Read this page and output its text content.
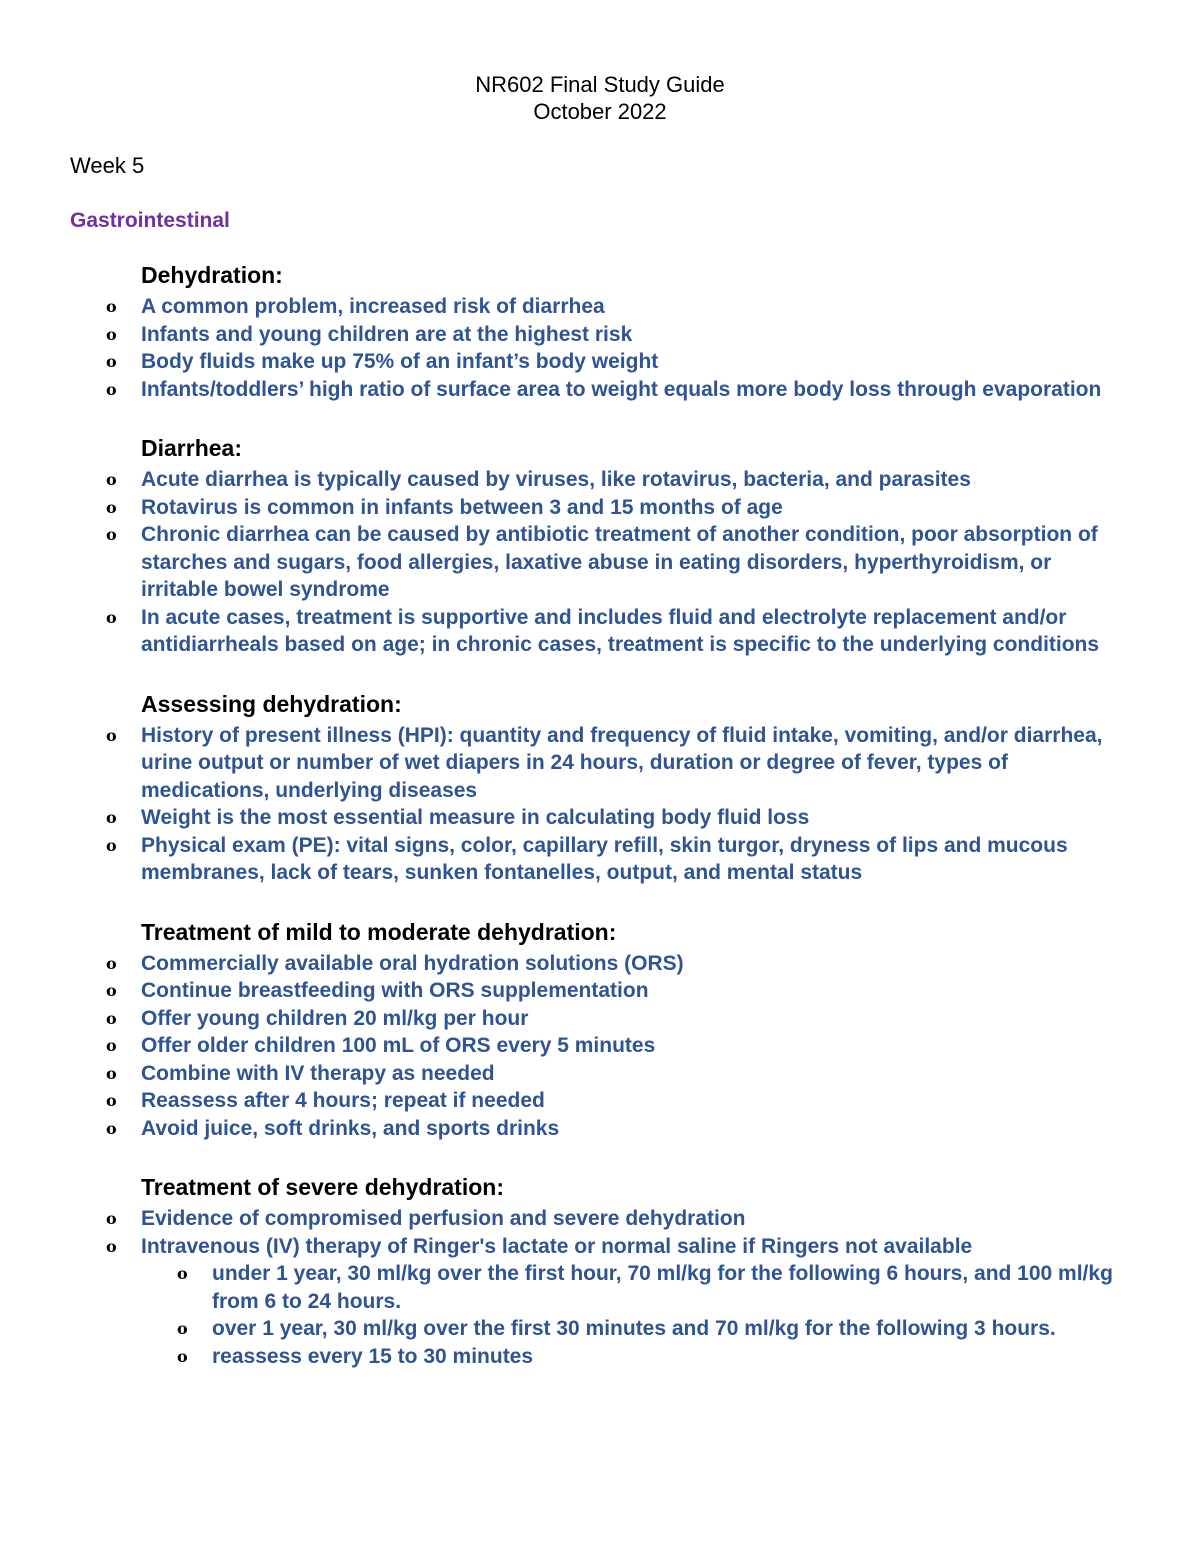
NR602 Final Study Guide
October 2022
Week 5
Gastrointestinal
Dehydration:
o A common problem, increased risk of diarrhea
o Infants and young children are at the highest risk
o Body fluids make up 75% of an infant’s body weight
o Infants/toddlers’ high ratio of surface area to weight equals more body loss through evaporation
Diarrhea:
o Acute diarrhea is typically caused by viruses, like rotavirus, bacteria, and parasites
o Rotavirus is common in infants between 3 and 15 months of age
o Chronic diarrhea can be caused by antibiotic treatment of another condition, poor absorption of starches and sugars, food allergies, laxative abuse in eating disorders, hyperthyroidism, or irritable bowel syndrome
o In acute cases, treatment is supportive and includes fluid and electrolyte replacement and/or antidiarrheals based on age; in chronic cases, treatment is specific to the underlying conditions
Assessing dehydration:
o History of present illness (HPI): quantity and frequency of fluid intake, vomiting, and/or diarrhea, urine output or number of wet diapers in 24 hours, duration or degree of fever, types of medications, underlying diseases
o Weight is the most essential measure in calculating body fluid loss
o Physical exam (PE): vital signs, color, capillary refill, skin turgor, dryness of lips and mucous membranes, lack of tears, sunken fontanelles, output, and mental status
Treatment of mild to moderate dehydration:
o Commercially available oral hydration solutions (ORS)
o Continue breastfeeding with ORS supplementation
o Offer young children 20 ml/kg per hour
o Offer older children 100 mL of ORS every 5 minutes
o Combine with IV therapy as needed
o Reassess after 4 hours; repeat if needed
o Avoid juice, soft drinks, and sports drinks
Treatment of severe dehydration:
o Evidence of compromised perfusion and severe dehydration
o Intravenous (IV) therapy of Ringer's lactate or normal saline if Ringers not available
o under 1 year, 30 ml/kg over the first hour, 70 ml/kg for the following 6 hours, and 100 ml/kg from 6 to 24 hours.
o over 1 year, 30 ml/kg over the first 30 minutes and 70 ml/kg for the following 3 hours.
o reassess every 15 to 30 minutes
